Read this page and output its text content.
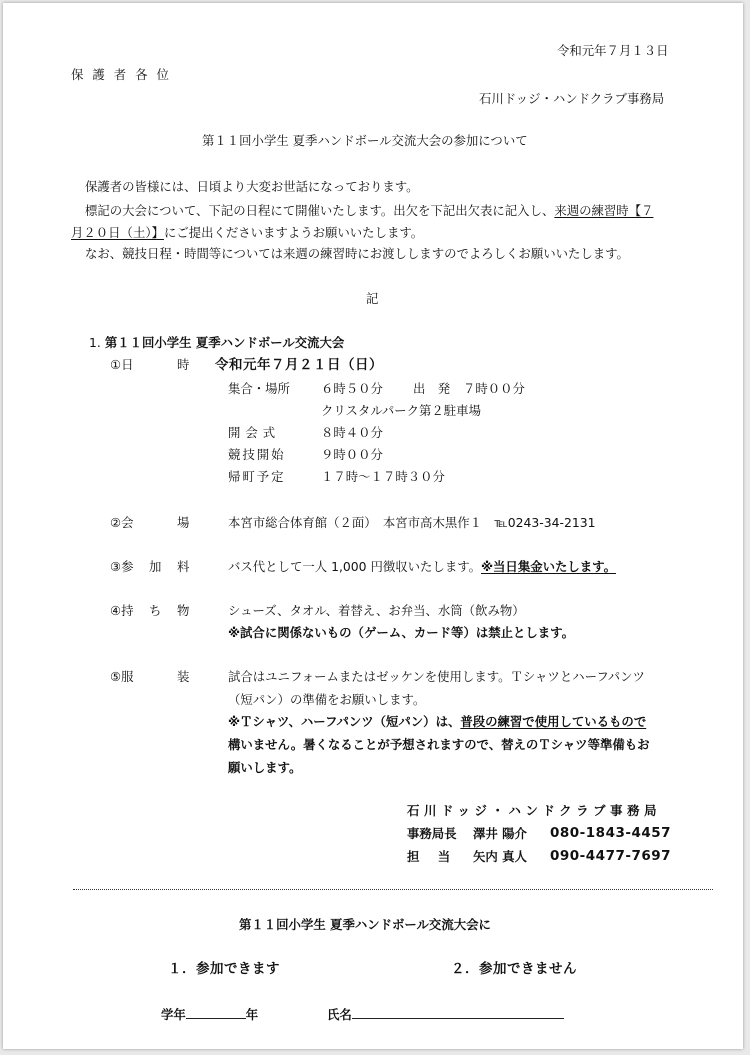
令和元年７月１３日
保護者各位
石川ドッジ・ハンドクラブ事務局
第１１回小学生 夏季ハンドボール交流大会の参加について
保護者の皆様には、日頃より大変お世話になっております。
標記の大会について、下記の日程にて開催いたします。出欠を下記出欠表に記入し、来週の練習時【７
月２０日（土）】にご提出くださいますようお願いいたします。
なお、競技日程・時間等については来週の練習時にお渡ししますのでよろしくお願いいたします。
記
1. 第１１回小学生 夏季ハンドボール交流大会
①日	時 令和元年７月２１日（日）
集合・場所	６時５０分 出　発 ７時００分
クリスタルパーク第２駐車場
開会式	８時４０分
競技開始	９時００分
帰町予定	１７時～１７時３０分
②会	場	本宮市総合体育館（２面）　本宮市高木黒作１　℡0243-34-2131
③参 加 料	バス代として一人 1,000 円徴収いたします。※当日集金いたします。
④持 ち 物	シューズ、タオル、着替え、お弁当、水筒（飲み物）
※試合に関係ないもの（ゲーム、カード等）は禁止とします。
⑤服	装	試合はユニフォームまたはゼッケンを使用します。Ｔシャツとハーフパンツ
（短パン）の準備をお願いします。
※Ｔシャツ、ハーフパンツ（短パン）は、普段の練習で使用しているもので
構いません。暑くなることが予想されますので、替えのＴシャツ等準備もお
願いします。
石川ドッジ・ハンドクラブ事務局
事務局長 澤井 陽介 080-1843-4457
担　当 矢内 真人 090-4477-7697
第１１回小学生 夏季ハンドボール交流大会に
１．参加できます	２．参加できません
学年	年	氏名
